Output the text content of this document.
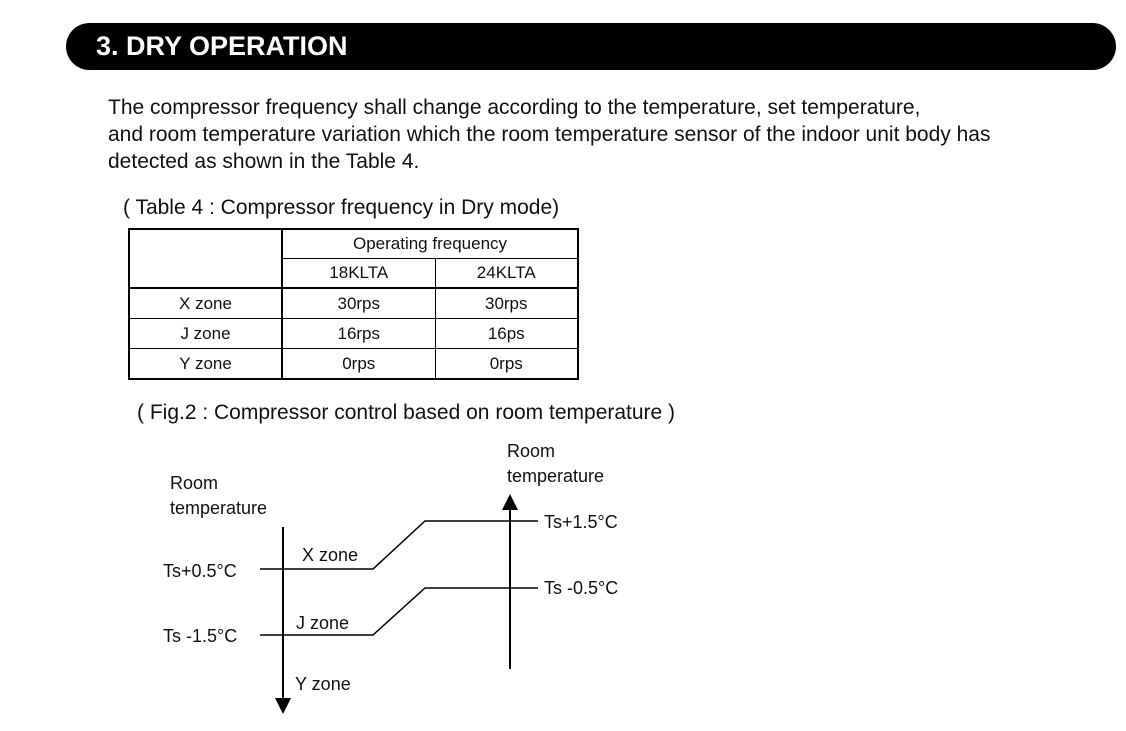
3. DRY OPERATION
The compressor frequency shall change according to the temperature, set temperature,
and room temperature variation which the room temperature sensor of the indoor unit body has
detected as shown in the Table 4.
( Table 4 : Compressor frequency in Dry mode)
	Operating frequency	
	18KLTA	24KLTA
X zone	30rps	30rps
J zone	16rps	16ps
Y zone	0rps	0rps
( Fig.2 : Compressor control based on room temperature )
Room
temperature
Room
temperature
Ts+0.5°C
Ts -1.5°C
Ts+1.5°C
Ts -0.5°C
X zone
J zone
Y zone
